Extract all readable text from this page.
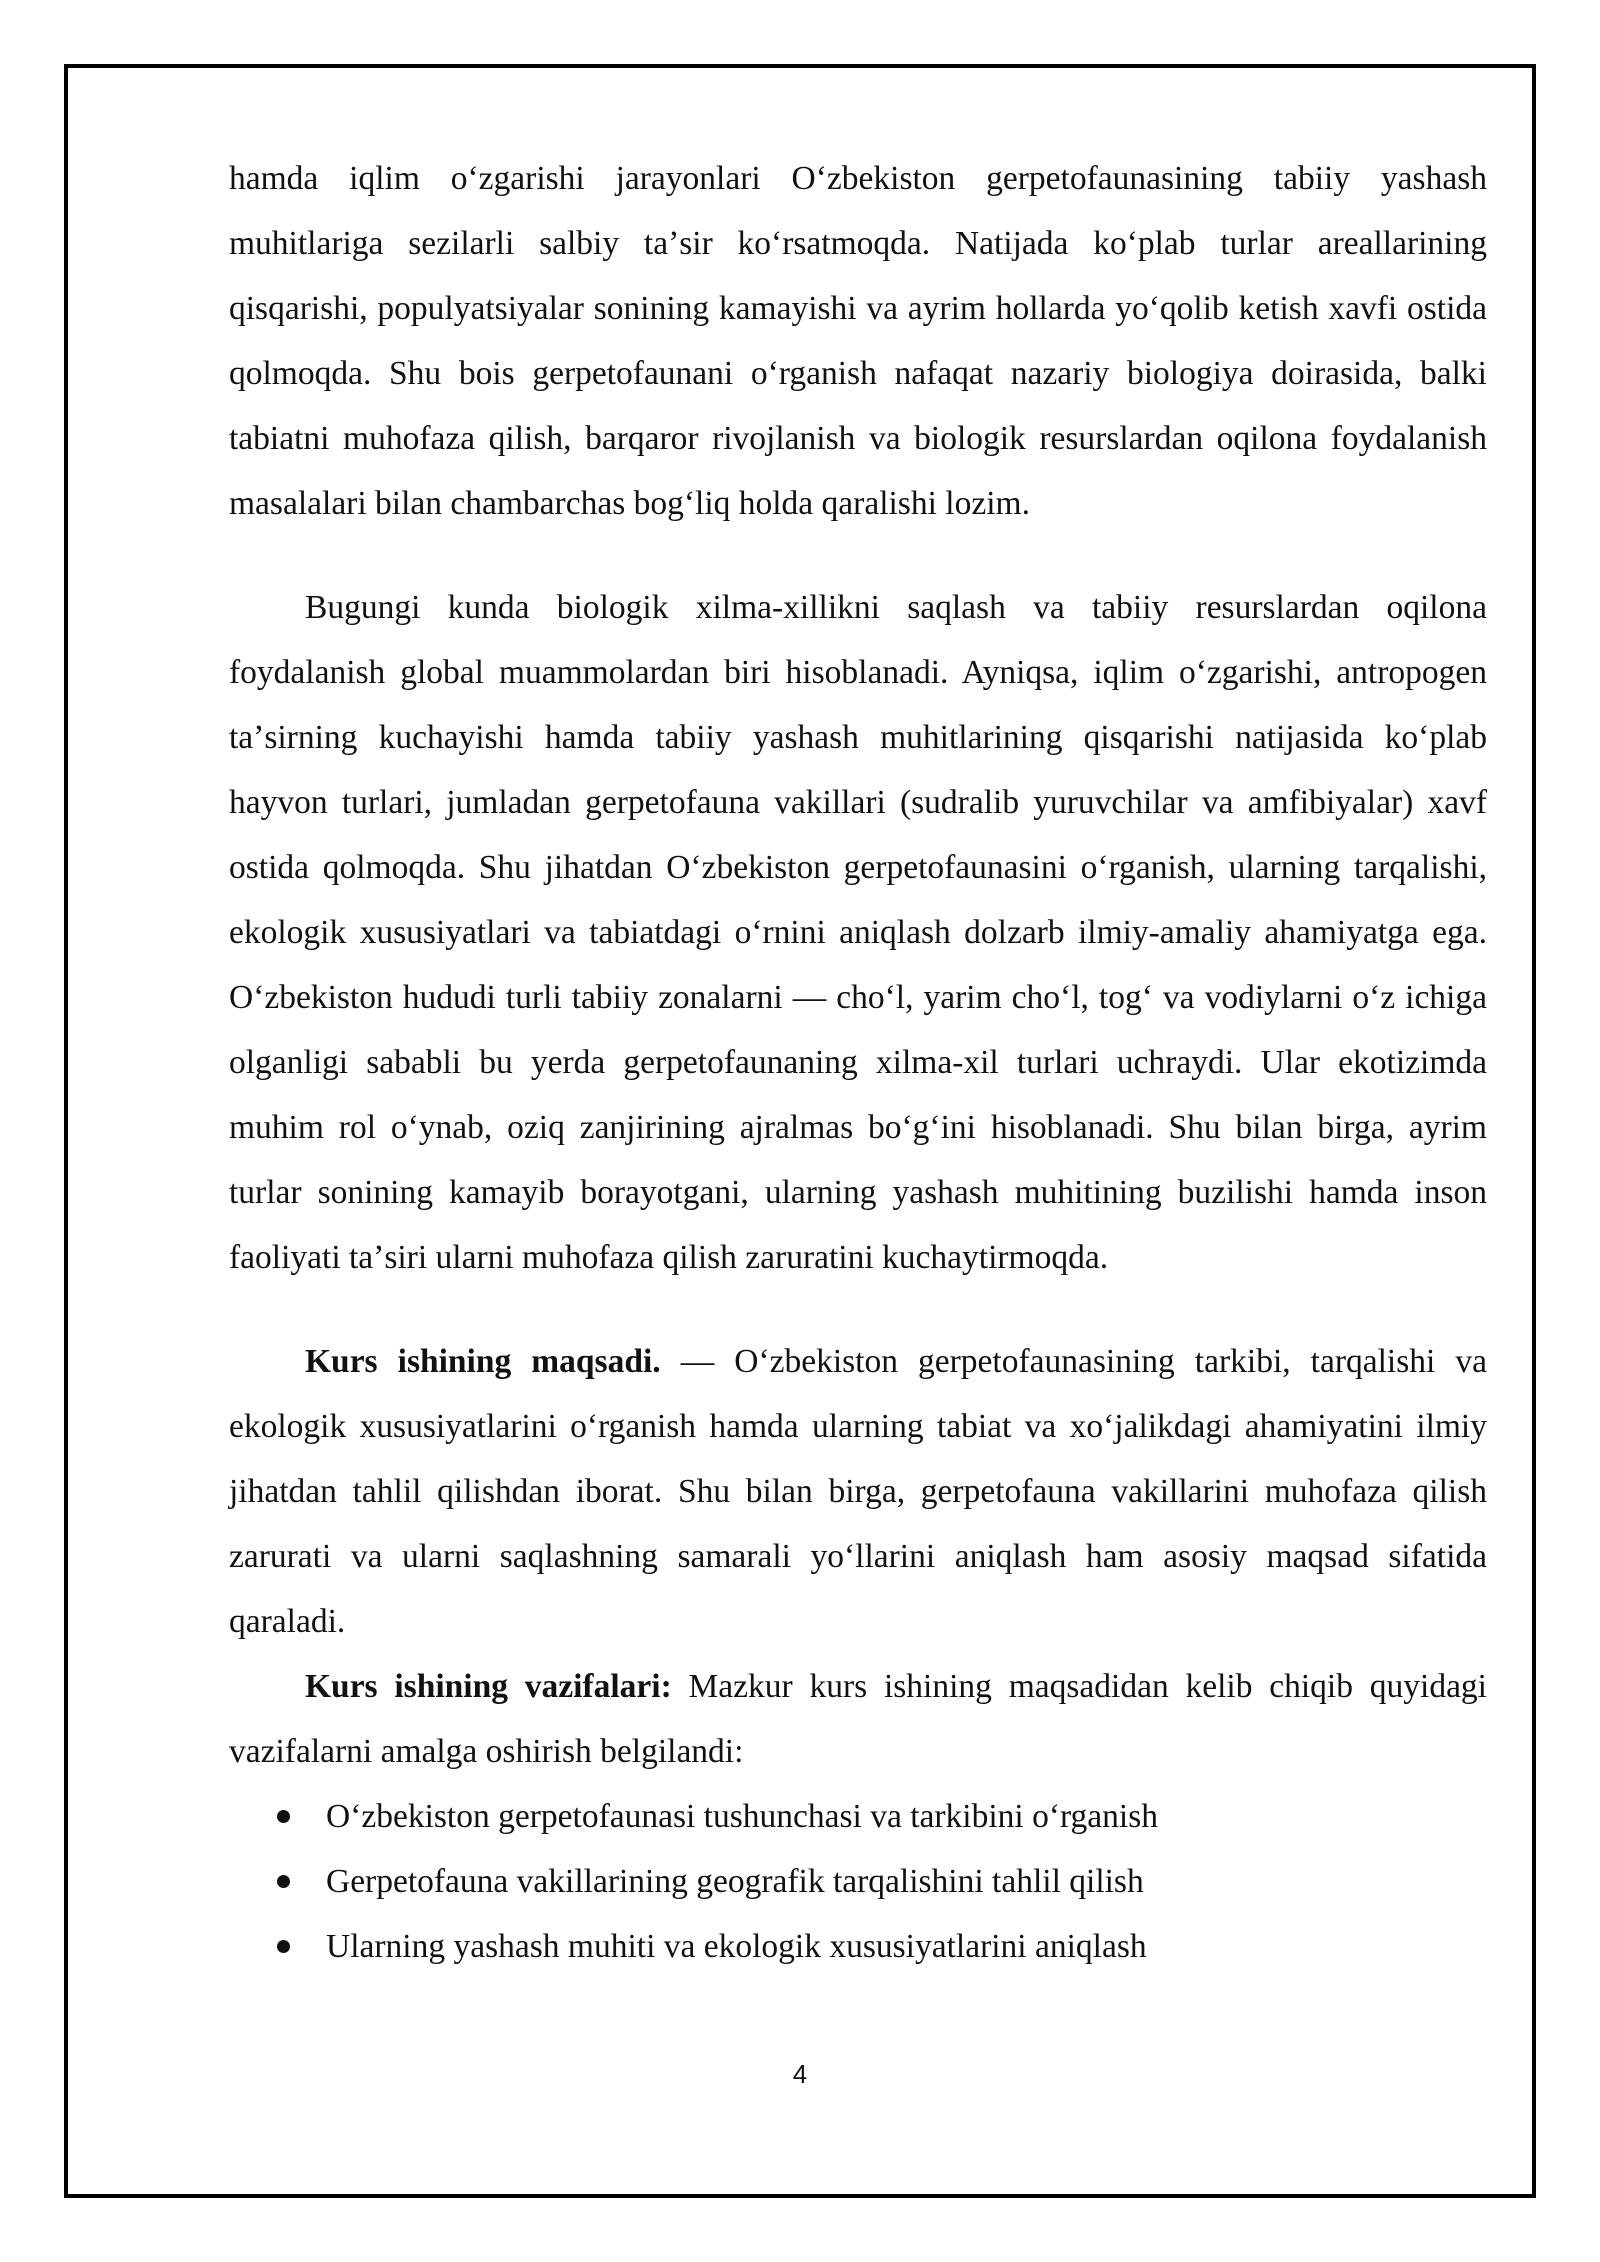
hamda iqlim oʻzgarishi jarayonlari Oʻzbekiston gerpetofaunasining tabiiy yashash muhitlariga sezilarli salbiy taʼsir koʻrsatmoqda. Natijada koʻplab turlar areallarining qisqarishi, populyatsiyalar sonining kamayishi va ayrim hollarda yoʻqolib ketish xavfi ostida qolmoqda. Shu bois gerpetofaunani oʻrganish nafaqat nazariy biologiya doirasida, balki tabiatni muhofaza qilish, barqaror rivojlanish va biologik resurslardan oqilona foydalanish masalalari bilan chambarchas bogʻliq holda qaralishi lozim.

Bugungi kunda biologik xilma-xillikni saqlash va tabiiy resurslardan oqilona foydalanish global muammolardan biri hisoblanadi. Ayniqsa, iqlim oʻzgarishi, antropogen taʼsirning kuchayishi hamda tabiiy yashash muhitlarining qisqarishi natijasida koʻplab hayvon turlari, jumladan gerpetofauna vakillari (sudralib yuruvchilar va amfibiyalar) xavf ostida qolmoqda. Shu jihatdan Oʻzbekiston gerpetofaunasini oʻrganish, ularning tarqalishi, ekologik xususiyatlari va tabiatdagi oʻrnini aniqlash dolzarb ilmiy-amaliy ahamiyatga ega. Oʻzbekiston hududi turli tabiiy zonalarni — choʻl, yarim choʻl, togʻ va vodiylarni oʻz ichiga olganligi sababli bu yerda gerpetofaunaning xilma-xil turlari uchraydi. Ular ekotizimda muhim rol oʻynab, oziq zanjirining ajralmas boʻgʻini hisoblanadi. Shu bilan birga, ayrim turlar sonining kamayib borayotgani, ularning yashash muhitining buzilishi hamda inson faoliyati taʼsiri ularni muhofaza qilish zaruratini kuchaytirmoqda.

Kurs ishining maqsadi. — Oʻzbekiston gerpetofaunasining tarkibi, tarqalishi va ekologik xususiyatlarini oʻrganish hamda ularning tabiat va xoʻjalikdagi ahamiyatini ilmiy jihatdan tahlil qilishdan iborat. Shu bilan birga, gerpetofauna vakillarini muhofaza qilish zarurati va ularni saqlashning samarali yoʻllarini aniqlash ham asosiy maqsad sifatida qaraladi.

Kurs ishining vazifalari: Mazkur kurs ishining maqsadidan kelib chiqib quyidagi vazifalarni amalga oshirish belgilandi:

Oʻzbekiston gerpetofaunasi tushunchasi va tarkibini oʻrganish
Gerpetofauna vakillarining geografik tarqalishini tahlil qilish
Ularning yashash muhiti va ekologik xususiyatlarini aniqlash
4
